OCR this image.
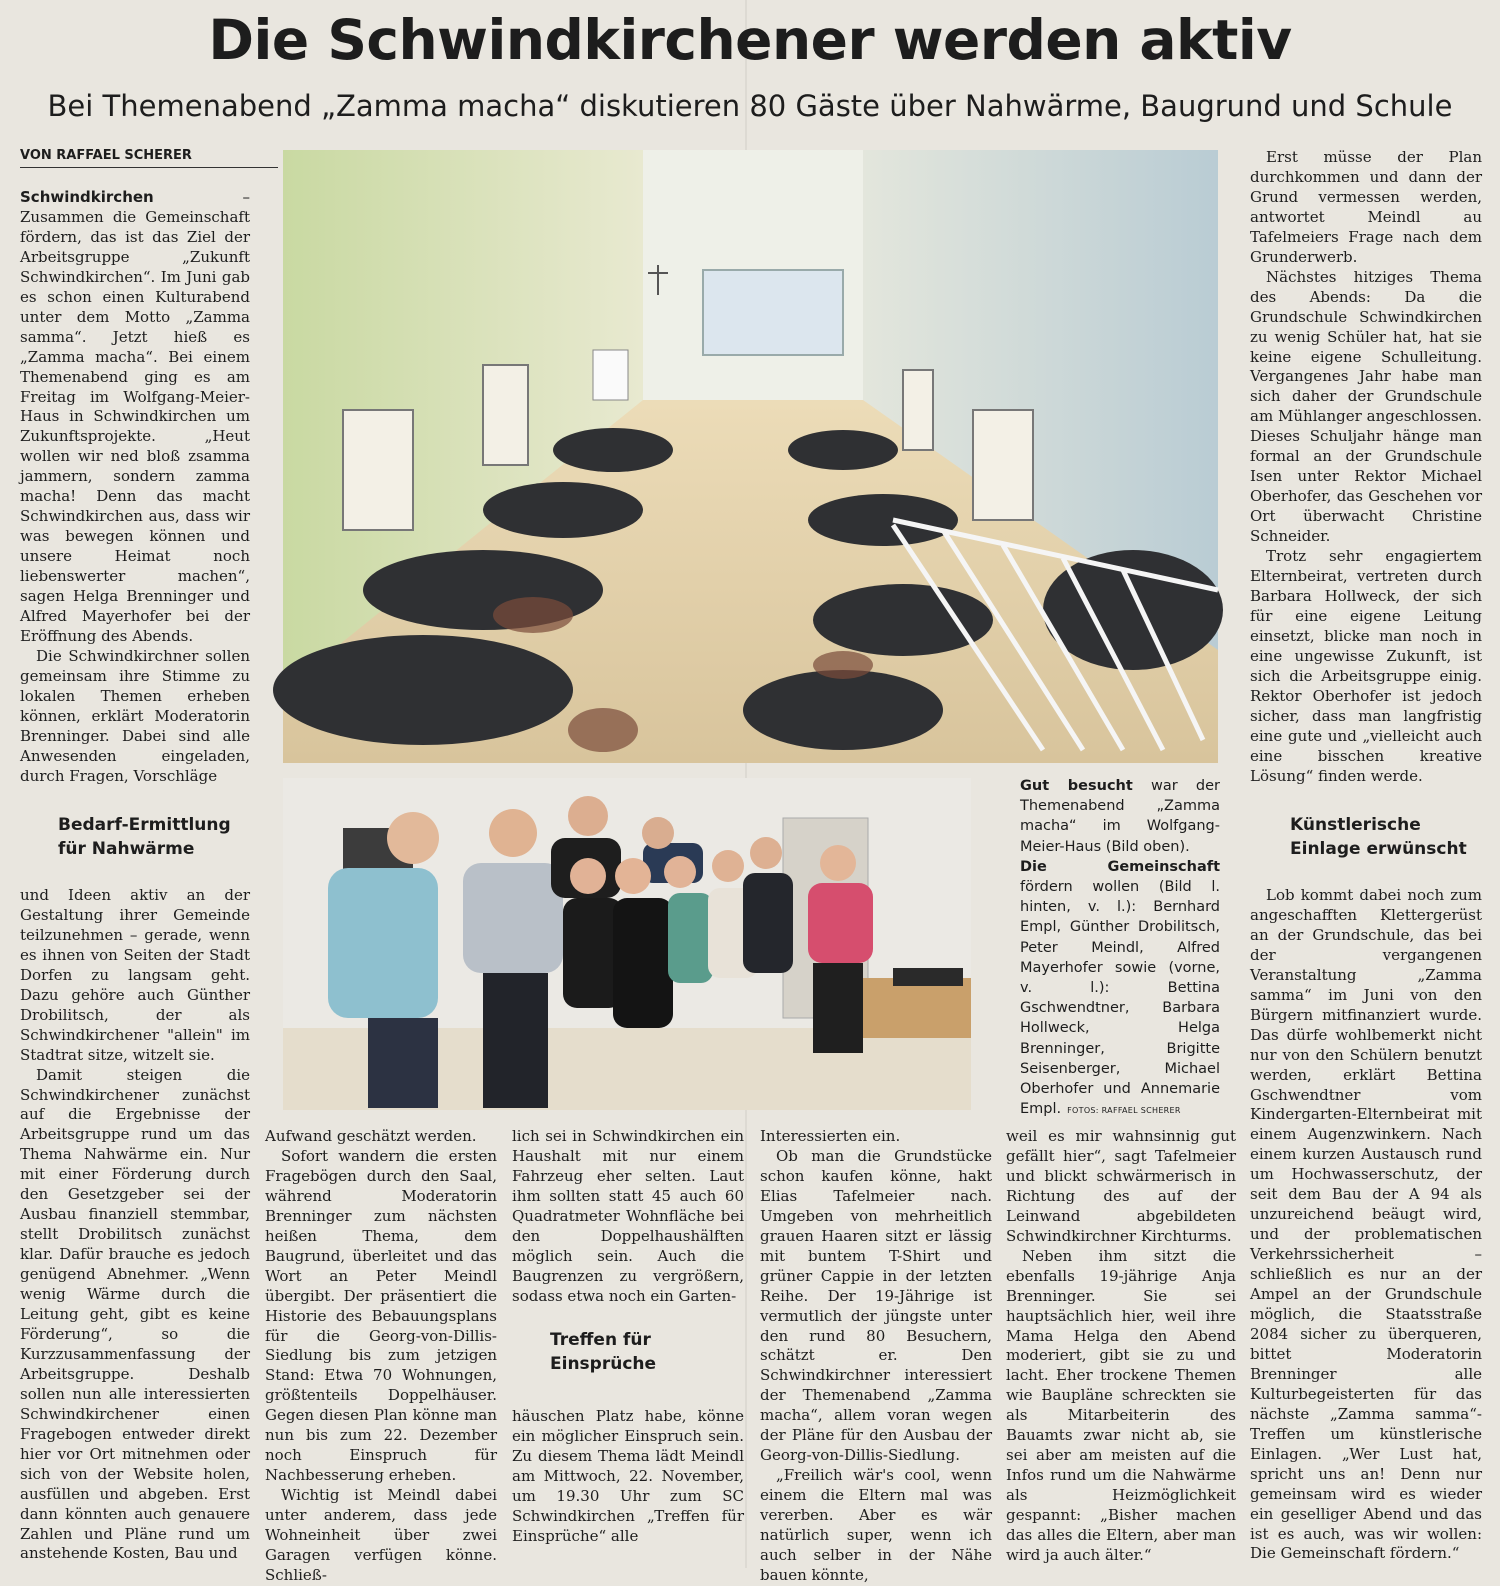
Die Schwindkirchener werden aktiv
Bei Themenabend „Zamma macha“ diskutieren 80 Gäste über Nahwärme, Baugrund und Schule
VON RAFFAEL SCHERER

Schwindkirchen – Zusammen die Gemeinschaft fördern, das ist das Ziel der Arbeitsgruppe „Zukunft Schwindkirchen“. Im Juni gab es schon einen Kulturabend unter dem Motto „Zamma samma“. Jetzt hieß es „Zamma macha“. Bei einem Themenabend ging es am Freitag im Wolfgang-Meier-Haus in Schwindkirchen um Zukunftsprojekte. „Heut wollen wir ned bloß zsamma jammern, sondern zamma macha! Denn das macht Schwindkirchen aus, dass wir was bewegen können und unsere Heimat noch liebenswerter machen“, sagen Helga Brenninger und Alfred Mayerhofer bei der Eröffnung des Abends.

Die Schwindkirchner sollen gemeinsam ihre Stimme zu lokalen Themen erheben können, erklärt Moderatorin Brenninger. Dabei sind alle Anwesenden eingeladen, durch Fragen, Vorschläge

Bedarf-Ermittlung für Nahwärme

und Ideen aktiv an der Gestaltung ihrer Gemeinde teilzunehmen – gerade, wenn es ihnen von Seiten der Stadt Dorfen zu langsam geht. Dazu gehöre auch Günther Drobilitsch, der als Schwindkirchener "allein" im Stadtrat sitze, witzelt sie.

Damit steigen die Schwindkirchener zunächst auf die Ergebnisse der Arbeitsgruppe rund um das Thema Nahwärme ein. Nur mit einer Förderung durch den Gesetzgeber sei der Ausbau finanziell stemmbar, stellt Drobilitsch zunächst klar. Dafür brauche es jedoch genügend Abnehmer. „Wenn wenig Wärme durch die Leitung geht, gibt es keine Förderung“, so die Kurzzusammenfassung der Arbeitsgruppe. Deshalb sollen nun alle interessierten Schwindkirchener einen Fragebogen entweder direkt hier vor Ort mitnehmen oder sich von der Website holen, ausfüllen und abgeben. Erst dann könnten auch genauere Zahlen und Pläne rund um anstehende Kosten, Bau und

Gut besucht war der Themenabend „Zamma macha“ im Wolfgang-Meier-Haus (Bild oben).
Die Gemeinschaft fördern wollen (Bild l. hinten, v. l.): Bernhard Empl, Günther Drobilitsch, Peter Meindl, Alfred Mayerhofer sowie (vorne, v. l.): Bettina Gschwendtner, Barbara Hollweck, Helga Brenninger, Brigitte Seisenberger, Michael Oberhofer und Annemarie Empl. FOTOS: RAFFAEL SCHERER

Aufwand geschätzt werden.

Sofort wandern die ersten Fragebögen durch den Saal, während Moderatorin Brenninger zum nächsten heißen Thema, dem Baugrund, überleitet und das Wort an Peter Meindl übergibt. Der präsentiert die Historie des Bebauungsplans für die Georg-von-Dillis-Siedlung bis zum jetzigen Stand: Etwa 70 Wohnungen, größtenteils Doppelhäuser. Gegen diesen Plan könne man nun bis zum 22. Dezember noch Einspruch für Nachbesserung erheben.

Wichtig ist Meindl dabei unter anderem, dass jede Wohneinheit über zwei Garagen verfügen könne. Schließ-

lich sei in Schwindkirchen ein Haushalt mit nur einem Fahrzeug eher selten. Laut ihm sollten statt 45 auch 60 Quadratmeter Wohnfläche bei den Doppelhaushälften möglich sein. Auch die Baugrenzen zu vergrößern, sodass etwa noch ein Garten-

Treffen für Einsprüche

häuschen Platz habe, könne ein möglicher Einspruch sein. Zu diesem Thema lädt Meindl am Mittwoch, 22. November, um 19.30 Uhr zum SC Schwindkirchen „Treffen für Einsprüche“ alle

Interessierten ein.

Ob man die Grundstücke schon kaufen könne, hakt Elias Tafelmeier nach. Umgeben von mehrheitlich grauen Haaren sitzt er lässig mit buntem T-Shirt und grüner Cappie in der letzten Reihe. Der 19-Jährige ist vermutlich der jüngste unter den rund 80 Besuchern, schätzt er. Den Schwindkirchner interessiert der Themenabend „Zamma macha“, allem voran wegen der Pläne für den Ausbau der Georg-von-Dillis-Siedlung.

„Freilich wär's cool, wenn einem die Eltern mal was vererben. Aber es wär natürlich super, wenn ich auch selber in der Nähe bauen könnte,

weil es mir wahnsinnig gut gefällt hier“, sagt Tafelmeier und blickt schwärmerisch in Richtung des auf der Leinwand abgebildeten Schwindkirchner Kirchturms.

Neben ihm sitzt die ebenfalls 19-jährige Anja Brenninger. Sie sei hauptsächlich hier, weil ihre Mama Helga den Abend moderiert, gibt sie zu und lacht. Eher trockene Themen wie Baupläne schreckten sie als Mitarbeiterin des Bauamts zwar nicht ab, sie sei aber am meisten auf die Infos rund um die Nahwärme als Heizmöglichkeit gespannt: „Bisher machen das alles die Eltern, aber man wird ja auch älter.“

Erst müsse der Plan durchkommen und dann der Grund vermessen werden, antwortet Meindl au Tafelmeiers Frage nach dem Grunderwerb.

Nächstes hitziges Thema des Abends: Da die Grundschule Schwindkirchen zu wenig Schüler hat, hat sie keine eigene Schulleitung. Vergangenes Jahr habe man sich daher der Grundschule am Mühlanger angeschlossen. Dieses Schuljahr hänge man formal an der Grundschule Isen unter Rektor Michael Oberhofer, das Geschehen vor Ort überwacht Christine Schneider.

Trotz sehr engagiertem Elternbeirat, vertreten durch Barbara Hollweck, der sich für eine eigene Leitung einsetzt, blicke man noch in eine ungewisse Zukunft, ist sich die Arbeitsgruppe einig. Rektor Oberhofer ist jedoch sicher, dass man langfristig eine gute und „vielleicht auch eine bisschen kreative Lösung“ finden werde.

Künstlerische Einlage erwünscht

Lob kommt dabei noch zum angeschafften Klettergerüst an der Grundschule, das bei der vergangenen Veranstaltung „Zamma samma“ im Juni von den Bürgern mitfinanziert wurde. Das dürfe wohlbemerkt nicht nur von den Schülern benutzt werden, erklärt Bettina Gschwendtner vom Kindergarten-Elternbeirat mit einem Augenzwinkern. Nach einem kurzen Austausch rund um Hochwasserschutz, der seit dem Bau der A 94 als unzureichend beäugt wird, und der problematischen Verkehrssicherheit – schließlich es nur an der Ampel an der Grundschule möglich, die Staatsstraße 2084 sicher zu überqueren, bittet Moderatorin Brenninger alle Kulturbegeisterten für das nächste „Zamma samma“-Treffen um künstlerische Einlagen. „Wer Lust hat, spricht uns an! Denn nur gemeinsam wird es wieder ein geselliger Abend und das ist es auch, was wir wollen: Die Gemeinschaft fördern.“
